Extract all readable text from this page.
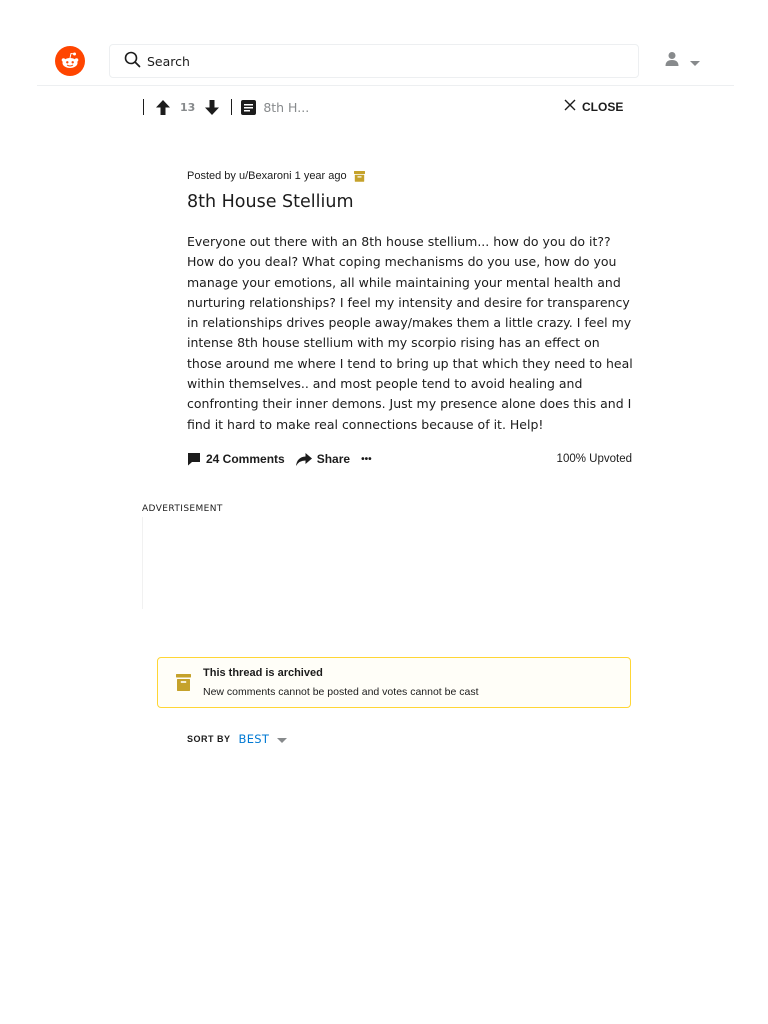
Search
13	8th H...	CLOSE
Posted by
u/Bexaroni
1 year ago
8th House Stellium

Everyone out there with an 8th house stellium... how do you do it?? How do you deal? What coping mechanisms do you use, how do you manage your emotions, all while maintaining your mental health and nurturing relationships? I feel my intensity and desire for transparency in relationships drives people away/makes them a little crazy. I feel my intense 8th house stellium with my scorpio rising has an effect on those around me where I tend to bring up that which they need to heal within themselves.. and most people tend to avoid healing and confronting their inner demons. Just my presence alone does this and I find it hard to make real connections because of it. Help!

24 Comments	Share •••	100% Upvoted
ADVERTISEMENT
This thread is archived
New comments cannot be posted and votes cannot be cast
SORT BY BEST
